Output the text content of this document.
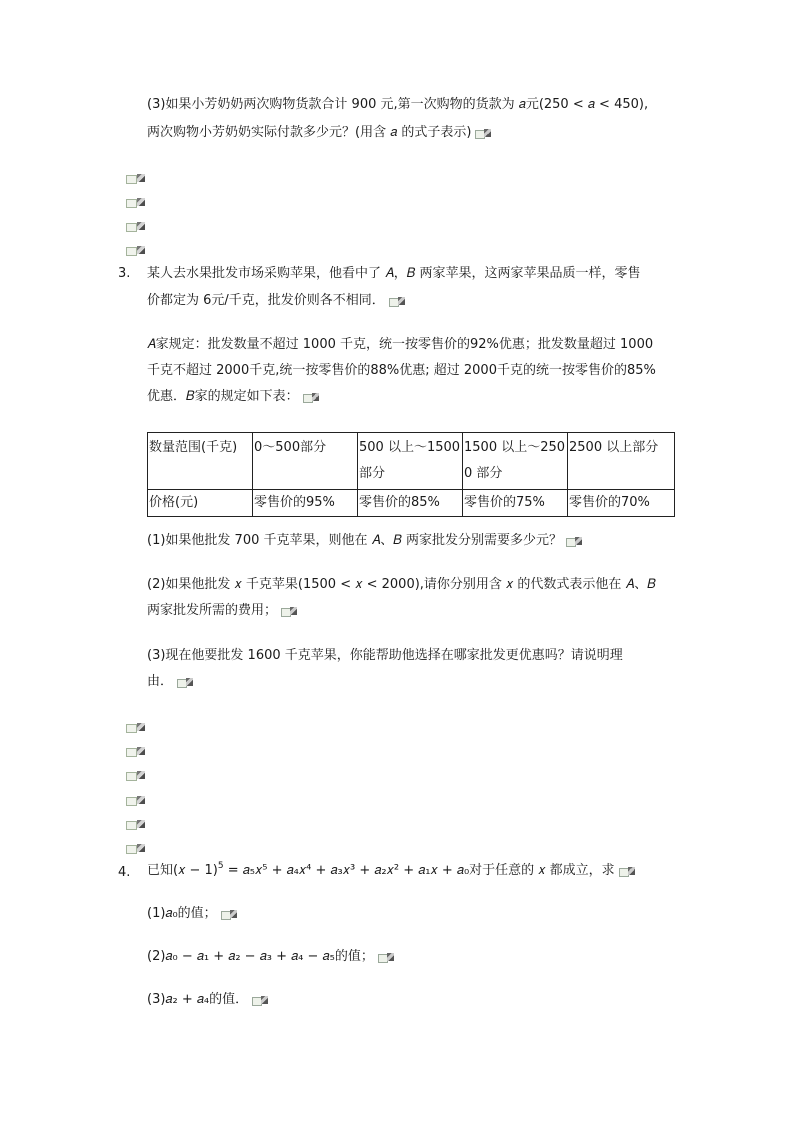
(3)如果小芳奶奶两次购物货款合计 900 元,第一次购物的货款为 𝑎元(250 < 𝑎 < 450),
两次购物小芳奶奶实际付款多少元？(用含 𝑎 的式子表示)
3. 某人去水果批发市场采购苹果，他看中了 𝐴，𝐵 两家苹果，这两家苹果品质一样，零售
价都定为 6元/千克，批发价则各不相同．
𝐴家规定：批发数量不超过 1000 千克，统一按零售价的92%优惠；批发数量超过 1000
千克不超过 2000千克,统一按零售价的88%优惠; 超过 2000千克的统一按零售价的85%
优惠．𝐵家的规定如下表：
数量范围(千克)	0～500部分	500 以上～1500 部分	1500 以上～2500 部分	2500 以上部分
价格(元)	零售价的95%	零售价的85%	零售价的75%	零售价的70%
(1)如果他批发 700 千克苹果，则他在 𝐴、𝐵 两家批发分别需要多少元？
(2)如果他批发 𝑥 千克苹果(1500 < 𝑥 < 2000),请你分别用含 𝑥 的代数式表示他在 𝐴、𝐵
两家批发所需的费用；
(3)现在他要批发 1600 千克苹果，你能帮助他选择在哪家批发更优惠吗？请说明理
由．
4. 已知(𝑥 − 1)$^5$ = 𝑎₅𝑥⁵ + 𝑎₄𝑥⁴ + 𝑎₃𝑥³ + 𝑎₂𝑥² + 𝑎₁𝑥 + 𝑎₀对于任意的 𝑥 都成立，求
(1)𝑎₀的值；
(2)𝑎₀ − 𝑎₁ + 𝑎₂ − 𝑎₃ + 𝑎₄ − 𝑎₅的值；
(3)𝑎₂ + 𝑎₄的值．
